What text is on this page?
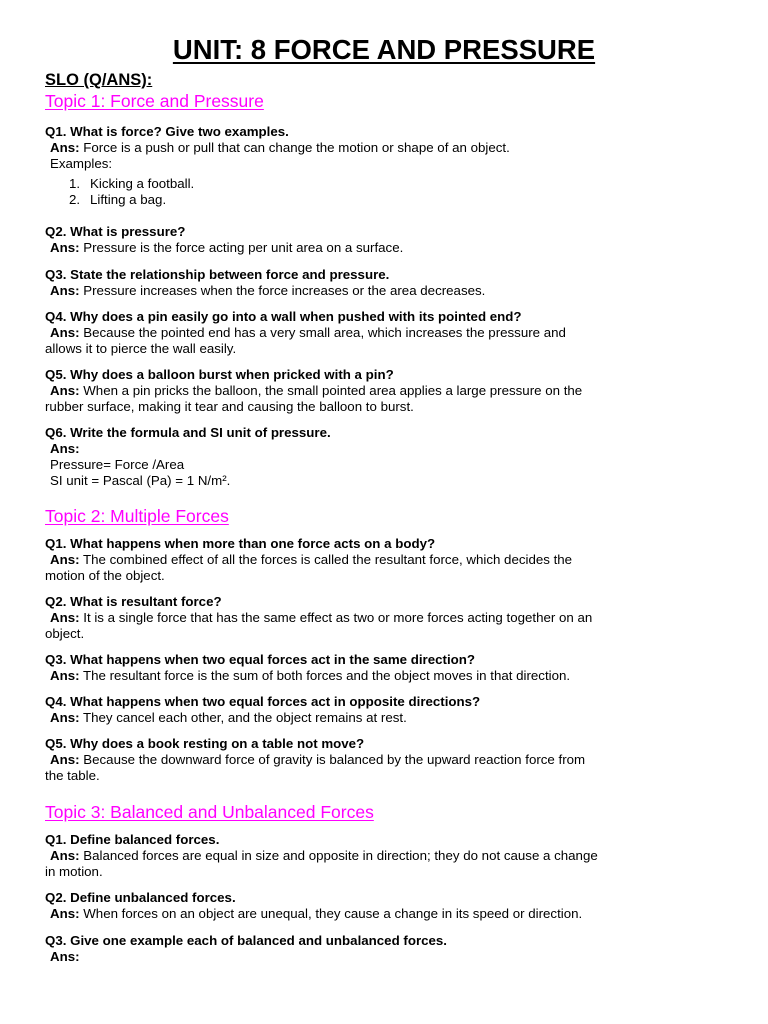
UNIT: 8 FORCE AND PRESSURE
SLO (Q/ANS):
Topic 1: Force and Pressure
Q1. What is force? Give two examples.
Ans: Force is a push or pull that can change the motion or shape of an object.
Examples:
1. Kicking a football.
2. Lifting a bag.
Q2. What is pressure?
Ans: Pressure is the force acting per unit area on a surface.
Q3. State the relationship between force and pressure.
Ans: Pressure increases when the force increases or the area decreases.
Q4. Why does a pin easily go into a wall when pushed with its pointed end?
Ans: Because the pointed end has a very small area, which increases the pressure and
allows it to pierce the wall easily.
Q5. Why does a balloon burst when pricked with a pin?
Ans: When a pin pricks the balloon, the small pointed area applies a large pressure on the
rubber surface, making it tear and causing the balloon to burst.
Q6. Write the formula and SI unit of pressure.
Ans:
Pressure= Force /Area
SI unit = Pascal (Pa) = 1 N/m².
Topic 2: Multiple Forces
Q1. What happens when more than one force acts on a body?
Ans: The combined effect of all the forces is called the resultant force, which decides the
motion of the object.
Q2. What is resultant force?
Ans: It is a single force that has the same effect as two or more forces acting together on an
object.
Q3. What happens when two equal forces act in the same direction?
Ans: The resultant force is the sum of both forces and the object moves in that direction.
Q4. What happens when two equal forces act in opposite directions?
Ans: They cancel each other, and the object remains at rest.
Q5. Why does a book resting on a table not move?
Ans: Because the downward force of gravity is balanced by the upward reaction force from
the table.
Topic 3: Balanced and Unbalanced Forces
Q1. Define balanced forces.
Ans: Balanced forces are equal in size and opposite in direction; they do not cause a change
in motion.
Q2. Define unbalanced forces.
Ans: When forces on an object are unequal, they cause a change in its speed or direction.
Q3. Give one example each of balanced and unbalanced forces.
Ans:
